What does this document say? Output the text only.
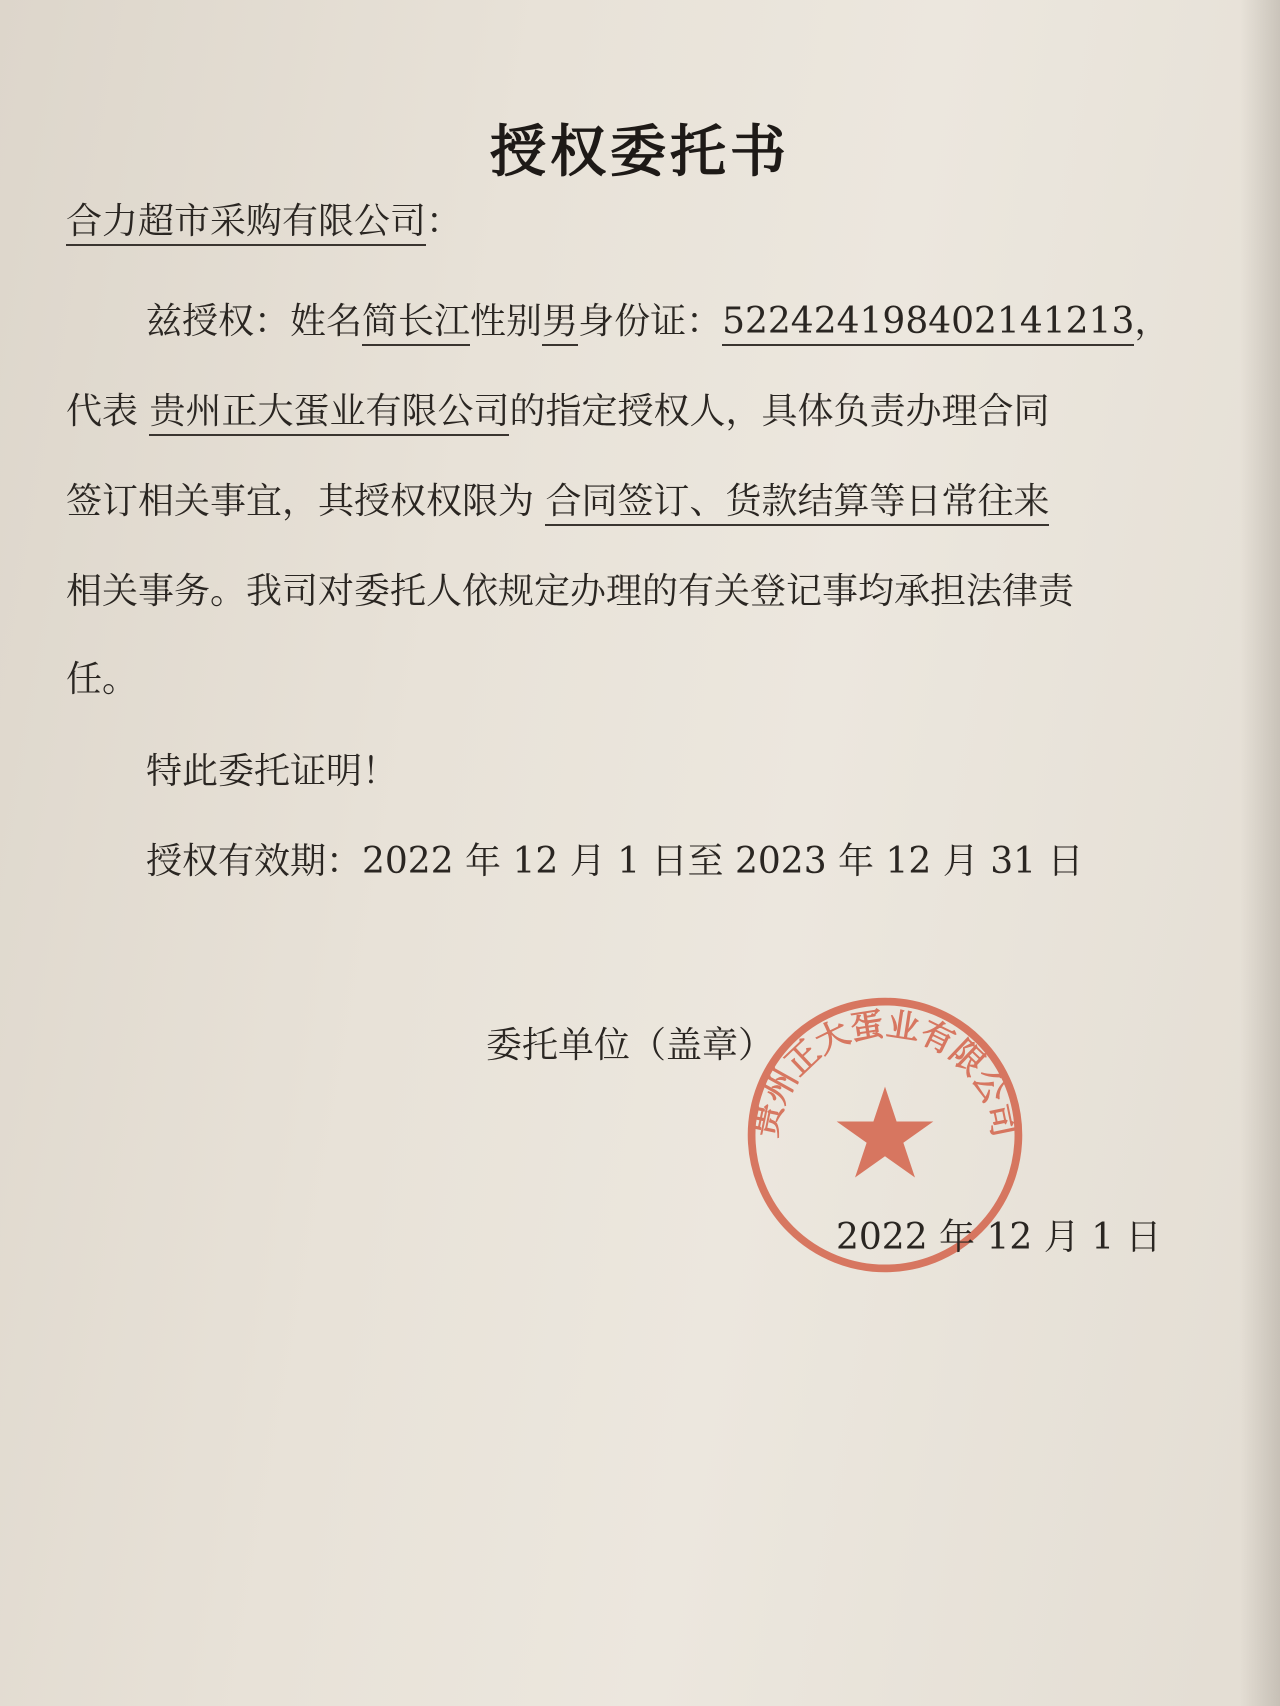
授权委托书
合力超市采购有限公司：
兹授权：姓名简长江性别男身份证：522424198402141213，
代表 贵州正大蛋业有限公司的指定授权人，具体负责办理合同
签订相关事宜，其授权权限为 合同签订、货款结算等日常往来
相关事务。我司对委托人依规定办理的有关登记事均承担法律责
任。
特此委托证明！
授权有效期：2022 年 12 月 1 日至 2023 年 12 月 31 日
委托单位（盖章）
贵州正大蛋业有限公司
2022 年 12 月 1 日
